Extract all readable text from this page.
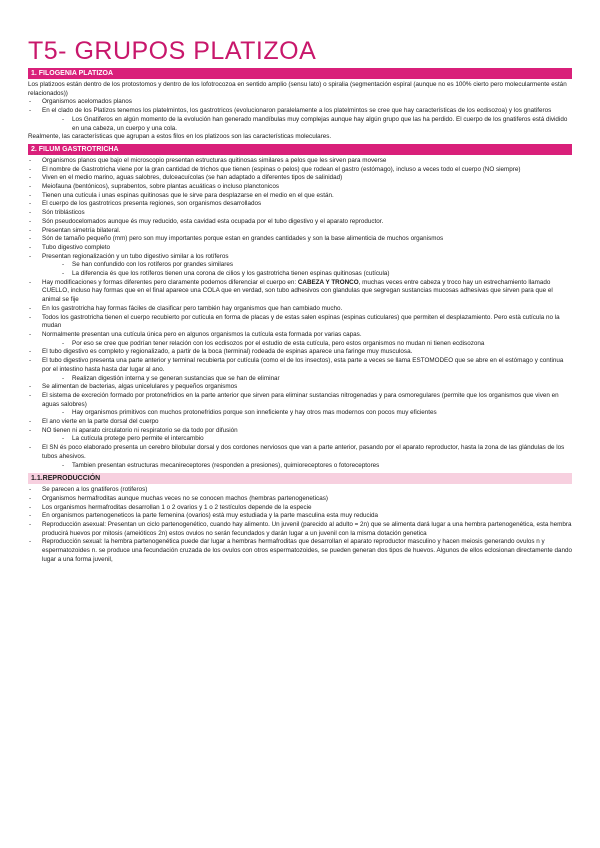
T5- GRUPOS PLATIZOA
1. FILOGENIA PLATIZOA

Los platizoos están dentro de los protostomos y dentro de los lofotrocozoa en sentido amplio (sensu lato) o spiralia (segmentación espiral (aunque no es 100% cierto pero molecularmente están relacionados))

- Organismos acelomados planos
- En el clado de los Platizos tenemos los platelmintos, los gastrotricos (evolucionaron paralelamente a los platelmintos se cree que hay características de los ecdisozoa) y los gnatiferos
- Los Gnatiferos en algún momento de la evolución han generado mandíbulas muy complejas aunque hay algún grupo que las ha perdido. El cuerpo de los gnatiferos está dividido en una cabeza, un cuerpo y una cola.

Realmente, las características que agrupan a estos filos en los platizoos son las características moleculares.

2. FILUM GASTROTRICHA
- Organismos planos que bajo el microscopio presentan estructuras quitinosas similares a pelos que les sirven para moverse
- El nombre de Gastrotricha viene por la gran cantidad de trichos que tienen (espinas o pelos) que rodean el gastro (estómago), incluso a veces todo el cuerpo (NO siempre)
- Viven en el medio marino, aguas salobres, dulceacuícolas (se han adaptado a diferentes tipos de salinidad)
- Meiofauna (bentónicos), suprabentos, sobre plantas acuáticas o incluso planctonicos
- Tienen una cutícula i unas espinas quitinosas que le sirve para desplazarse en el medio en el que están.
- El cuerpo de los gastrotricos presenta regiones, son organismos desarrollados
- Són triblásticos
- Són pseudocelomados aunque és muy reducido, esta cavidad esta ocupada por el tubo digestivo y el aparato reproductor.
- Presentan simetría bilateral.
- Són de tamaño pequeño (mm) pero son muy importantes porque estan en grandes cantidades y son la base alimenticia de muchos organismos
- Tubo digestivo completo
- Presentan regionalización y un tubo digestivo similar a los rotíferos
- Se han confundido con los rotíferos por grandes similares
- La diferencia és que los rotíferos tienen una corona de cilios y los gastrotricha tienen espinas quitinosas (cutícula)
- Hay modificaciones y formas diferentes pero claramente podemos diferenciar el cuerpo en: CABEZA Y TRONCO, muchas veces entre cabeza y troco hay un estrechamiento llamado CUELLO, incluso hay formas que en el final aparece una COLA que en verdad, son tubo adhesivos con glandulas que segregan sustancias mucosas adhesivas que sirven para que el animal se fije
- En los gastrotricha hay formas fáciles de clasificar pero también hay organismos que han cambiado mucho.
- Todos los gastrotricha tienen el cuerpo recubierto por cutícula en forma de placas y de estas salen espinas (espinas cuticulares) que permiten el desplazamiento. Pero està cutícula no la mudan
- Normalmente presentan una cutícula única pero en algunos organismos la cutícula esta formada por varias capas.
- Por eso se cree que podrían tener relación con los ecdisozos por el estudio de esta cutícula, pero estos organismos no mudan ni tienen ecdisozona
- El tubo digestivo es completo y regionalizado, a partir de la boca (terminal) rodeada de espinas aparece una faringe muy musculosa.
- El tubo digestivo presenta una parte anterior y terminal recubierta por cutícula (como el de los insectos), esta parte a veces se llama ESTOMODEO que se abre en el estómago y continua por el intestino hasta hasta dar lugar al ano.
- Realizan digestión interna y se generan sustancias que se han de eliminar
- Se alimentan de bacterias, algas unicelulares y pequeños organismos
- El sistema de excreción formado por protonefridios en la parte anterior que sirven para eliminar sustancias nitrogenadas y para osmoregulares (permite que los organismos que viven en aguas salobres)
- Hay organismos primitivos con muchos protonefridios porque son inneficiente y hay otros mas modernos con pocos muy eficientes
- El ano vierte en la parte dorsal del cuerpo
- NO tienen ni aparato circulatorio ni respiratorio se da todo por difusión
- La cutícula protege pero permite el intercambio
- El SN és poco elaborado presenta un cerebro bilobular dorsal y dos cordones nerviosos que van a parte anterior, pasando por el aparato reproductor, hasta la zona de las glándulas de los tubos ahesivos.
- Tambien presentan estructuras mecanireceptores (responden a presiones), quimioreceptores o fotoreceptores
1.1.REPRODUCCIÓN
- Se parecen a los gnatiferos (rotiferos)
- Organismos hermafroditas aunque muchas veces no se conocen machos (hembras partenogeneticas)
- Los organismos hermafroditas desarrollan 1 o 2 ovarios y 1 o 2 testículos depende de la especie
- En organismos partenogeneticos la parte femenina (ovarios) està muy estudiada y la parte masculina esta muy reducida
- Reproducción asexual: Presentan un ciclo partenogenético, cuando hay alimento. Un juvenil (parecido al adulto = 2n) que se alimenta dará lugar a una hembra partenogenética, esta hembra producirá huevos por mitosis (ameióticos 2n) estos ovulos no serán fecundados y darán lugar a un juvenil con la misma dotación genetica
- Reproducción sexual: la hembra partenogenética puede dar lugar a hembras hermafroditas que desarrollan el aparato reproductor masculino y hacen meiosis generando ovulos n y espermatozoides n. se produce una fecundación cruzada de los ovulos con otros espermatozoides, se pueden generan dos tipos de huevos. Algunos de ellos eclosionan directamente dando lugar a una forma juvenil,
